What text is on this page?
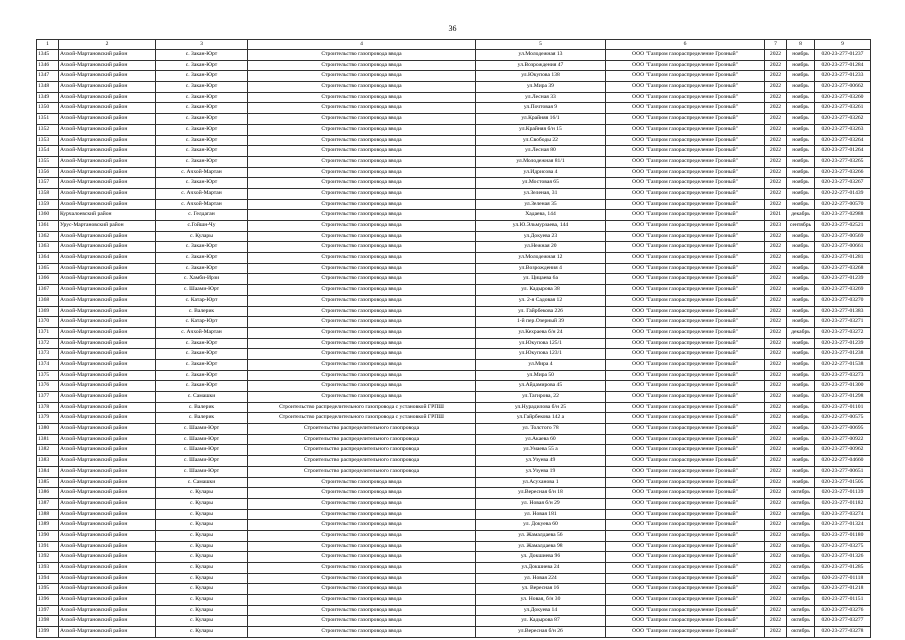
36
1	2	3	4	5	6	7	8	9
1345	Ачхой-Мартановский район	с. Закан-Юрт	Строительство газопровода ввода	ул.Молодежная 13	ООО "Газпром газораспределение Грозный"	2022	ноябрь	020-23-277-01237
1346	Ачхой-Мартановский район	с. Закан-Юрт	Строительство газопровода ввода	ул.Возрождения 47	ООО "Газпром газораспределение Грозный"	2022	ноябрь	020-23-277-01284
1347	Ачхой-Мартановский район	с. Закан-Юрт	Строительство газопровода ввода	ул.Юкупова 138	ООО "Газпром газораспределение Грозный"	2022	ноябрь	020-23-277-01233
1348	Ачхой-Мартановский район	с. Закан-Юрт	Строительство газопровода ввода	ул.Мира 39	ООО "Газпром газораспределение Грозный"	2022	ноябрь	020-23-277-00662
1349	Ачхой-Мартановский район	с. Закан-Юрт	Строительство газопровода ввода	ул.Лесная 33	ООО "Газпром газораспределение Грозный"	2022	ноябрь	020-23-277-03260
1350	Ачхой-Мартановский район	с. Закан-Юрт	Строительство газопровода ввода	ул.Почтовая 9	ООО "Газпром газораспределение Грозный"	2022	ноябрь	020-23-277-03261
1351	Ачхой-Мартановский район	с. Закан-Юрт	Строительство газопровода ввода	ул.Крайняя 16/1	ООО "Газпром газораспределение Грозный"	2022	ноябрь	020-23-277-03262
1352	Ачхой-Мартановский район	с. Закан-Юрт	Строительство газопровода ввода	ул.Крайняя б/н 15	ООО "Газпром газораспределение Грозный"	2022	ноябрь	020-23-277-03263
1353	Ачхой-Мартановский район	с. Закан-Юрт	Строительство газопровода ввода	ул.Свободы 22	ООО "Газпром газораспределение Грозный"	2022	ноябрь	020-23-277-03264
1354	Ачхой-Мартановский район	с. Закан-Юрт	Строительство газопровода ввода	ул.Лесная 80	ООО "Газпром газораспределение Грозный"	2022	ноябрь	020-23-277-01264
1355	Ачхой-Мартановский район	с. Закан-Юрт	Строительство газопровода ввода	ул.Молодежная 81/1	ООО "Газпром газораспределение Грозный"	2022	ноябрь	020-23-277-03265
1356	Ачхой-Мартановский район	с. Ачхой-Мартан	Строительство газопровода ввода	ул.Идрисова 4	ООО "Газпром газораспределение Грозный"	2022	ноябрь	020-23-277-03266
1357	Ачхой-Мартановский район	с. Закан-Юрт	Строительство газопровода ввода	ул.Мостовая 65	ООО "Газпром газораспределение Грозный"	2022	ноябрь	020-23-277-03267
1358	Ачхой-Мартановский район	с. Ачхой-Мартан	Строительство газопровода ввода	ул.Зеленая, 31	ООО "Газпром газораспределение Грозный"	2022	ноябрь	020-22-277-01439
1359	Ачхой-Мартановский район	с. Ачхой-Мартан	Строительство газопровода ввода	ул.Зеленая 35	ООО "Газпром газораспределение Грозный"	2022	ноябрь	020-22-277-00570
1360	Курчалоевский район	с. Гелдаган	Строительство газопровода ввода	Хадаева, 144	ООО "Газпром газораспределение Грозный"	2021	декабрь	020-23-277-02988
1361	Урус-Мартановский район	с.Гойшн-Чу	Строительство газопровода ввода	ул.Ю.Эльмурзаева, 144	ООО "Газпром газораспределение Грозный"	2023	сентябрь	020-23-277-02521
1362	Ачхой-Мартановский район	с. Кулары	Строительство газопровода ввода	ул.Докуева 23	ООО "Газпром газораспределение Грозный"	2022	ноябрь	020-23-277-00569
1363	Ачхой-Мартановский район	с. Закан-Юрт	Строительство газопровода ввода	ул.Нежная 20	ООО "Газпром газораспределение Грозный"	2022	ноябрь	020-23-277-00661
1364	Ачхой-Мартановский район	с. Закан-Юрт	Строительство газопровода ввода	ул.Молодежная 12	ООО "Газпром газораспределение Грозный"	2022	ноябрь	020-23-277-01281
1365	Ачхой-Мартановский район	с. Закан-Юрт	Строительство газопровода ввода	ул.Возрождения 4	ООО "Газпром газораспределение Грозный"	2022	ноябрь	020-23-277-03268
1366	Ачхой-Мартановский район	с. Хамби-Ирзи	Строительство газопровода ввода	ул. Цицаева 6а	ООО "Газпром газораспределение Грозный"	2022	ноябрь	020-23-277-01239
1367	Ачхой-Мартановский район	с. Шаами-Юрт	Строительство газопровода ввода	ул. Кадырова 38	ООО "Газпром газораспределение Грозный"	2022	ноябрь	020-23-277-03269
1368	Ачхой-Мартановский район	с. Катар-Юрт	Строительство газопровода ввода	ул. 2-я Садовая 12	ООО "Газпром газораспределение Грозный"	2022	ноябрь	020-23-277-03270
1369	Ачхой-Мартановский район	с. Валерик	Строительство газопровода ввода	ул. Гайрбекова 226	ООО "Газпром газораспределение Грозный"	2022	ноябрь	020-23-277-01383
1370	Ачхой-Мартановский район	с. Катар-Юрт	Строительство газопровода ввода	1-й пер.Озерный 39	ООО "Газпром газораспределение Грозный"	2022	ноябрь	020-23-277-03271
1371	Ачхой-Мартановский район	с. Ачхой-Мартан	Строительство газопровода ввода	ул.Кехраева б/н 24	ООО "Газпром газораспределение Грозный"	2022	декабрь	020-23-277-03272
1372	Ачхой-Мартановский район	с. Закан-Юрт	Строительство газопровода ввода	ул.Юкупова 125/1	ООО "Газпром газораспределение Грозный"	2022	ноябрь	020-23-277-01239
1373	Ачхой-Мартановский район	с. Закан-Юрт	Строительство газопровода ввода	ул.Юкупова 123/1	ООО "Газпром газораспределение Грозный"	2022	ноябрь	020-23-277-01238
1374	Ачхой-Мартановский район	с. Закан-Юрт	Строительство газопровода ввода	ул.Мира 4	ООО "Газпром газораспределение Грозный"	2022	ноябрь	020-22-277-01538
1375	Ачхой-Мартановский район	с. Закан-Юрт	Строительство газопровода ввода	ул.Мира 50	ООО "Газпром газораспределение Грозный"	2022	ноябрь	020-23-277-03273
1376	Ачхой-Мартановский район	с. Закан-Юрт	Строительство газопровода ввода	ул.Айдамирова 45	ООО "Газпром газораспределение Грозный"	2022	ноябрь	020-23-277-01300
1377	Ачхой-Мартановский район	с. Самашки	Строительство газопровода ввода	ул.Тагирова, 22	ООО "Газпром газораспределение Грозный"	2022	ноябрь	020-23-277-01298
1378	Ачхой-Мартановский район	с. Валерик	Строительство распределительного газопровода с установкой ГРПШ	ул.Нурадилова б/н 25	ООО "Газпром газораспределение Грозный"	2022	ноябрь	020-23-277-01101
1379	Ачхой-Мартановский район	с. Валерик	Строительство распределительного газопровода с установкой ГРПШ	ул.Гайрбекова 142 а	ООО "Газпром газораспределение Грозный"	2022	ноябрь	020-22-277-00575
1380	Ачхой-Мартановский район	с. Шаами-Юрт	Строительство распределительного газопровода	ул. Толстого 78	ООО "Газпром газораспределение Грозный"	2022	ноябрь	020-23-277-00695
1381	Ачхой-Мартановский район	с. Шаами-Юрт	Строительство распределительного газопровода	ул.Акаева 60	ООО "Газпром газораспределение Грозный"	2022	ноябрь	020-23-277-00922
1382	Ачхой-Мартановский район	с. Шаами-Юрт	Строительство распределительного газопровода	ул.Умаева 55 а	ООО "Газпром газораспределение Грозный"	2022	ноябрь	020-23-277-00962
1383	Ачхой-Мартановский район	с. Шаами-Юрт	Строительство распределительного газопровода	ул.Узуева 49	ООО "Газпром газораспределение Грозный"	2022	ноябрь	020-22-277-04660
1384	Ачхой-Мартановский район	с. Шаами-Юрт	Строительство распределительного газопровода	ул.Узуева 19	ООО "Газпром газораспределение Грозный"	2022	ноябрь	020-23-277-00651
1385	Ачхой-Мартановский район	с. Самашки	Строительство газопровода ввода	ул.Асуханова 1	ООО "Газпром газораспределение Грозный"	2022	ноябрь	020-23-277-01505
1386	Ачхой-Мартановский район	с. Кулары	Строительство газопровода ввода	ул.Вересная б/н 18	ООО "Газпром газораспределение Грозный"	2022	октябрь	020-23-277-01139
1387	Ачхой-Мартановский район	с. Кулары	Строительство газопровода ввода	ул. Новая б/н 29	ООО "Газпром газораспределение Грозный"	2022	октябрь	020-23-277-01182
1388	Ачхой-Мартановский район	с. Кулары	Строительство газопровода ввода	ул. Новая 181	ООО "Газпром газораспределение Грозный"	2022	октябрь	020-23-277-03274
1389	Ачхой-Мартановский район	с. Кулары	Строительство газопровода ввода	ул. Докуева 60	ООО "Газпром газораспределение Грозный"	2022	октябрь	020-23-277-01324
1390	Ачхой-Мартановский район	с. Кулары	Строительство газопровода ввода	ул. Жамалдаева 56	ООО "Газпром газораспределение Грозный"	2022	октябрь	020-23-277-01180
1391	Ачхой-Мартановский район	с. Кулары	Строительство газопровода ввода	ул. Жамалдаева 98	ООО "Газпром газораспределение Грозный"	2022	октябрь	020-23-277-03275
1392	Ачхой-Мартановский район	с. Кулары	Строительство газопровода ввода	ул. Докшиева 96	ООО "Газпром газораспределение Грозный"	2022	октябрь	020-23-277-01326
1393	Ачхой-Мартановский район	с. Кулары	Строительство газопровода ввода	ул.Докшиева 24	ООО "Газпром газораспределение Грозный"	2022	октябрь	020-23-277-01285
1394	Ачхой-Мартановский район	с. Кулары	Строительство газопровода ввода	ул. Новая 224	ООО "Газпром газораспределение Грозный"	2022	октябрь	020-23-277-01118
1395	Ачхой-Мартановский район	с. Кулары	Строительство газопровода ввода	ул. Вересная 16	ООО "Газпром газораспределение Грозный"	2022	октябрь	020-23-277-01218
1396	Ачхой-Мартановский район	с. Кулары	Строительство газопровода ввода	ул. Новая, б/н 30	ООО "Газпром газораспределение Грозный"	2022	октябрь	020-23-277-01151
1397	Ачхой-Мартановский район	с. Кулары	Строительство газопровода ввода	ул.Докуева 14	ООО "Газпром газораспределение Грозный"	2022	октябрь	020-23-277-03276
1398	Ачхой-Мартановский район	с. Кулары	Строительство газопровода ввода	ул. Кадырова 87	ООО "Газпром газораспределение Грозный"	2022	октябрь	020-23-277-03277
1399	Ачхой-Мартановский район	с. Кулары	Строительство газопровода ввода	ул.Вересная б/н 26	ООО "Газпром газораспределение Грозный"	2022	октябрь	020-23-277-03278
